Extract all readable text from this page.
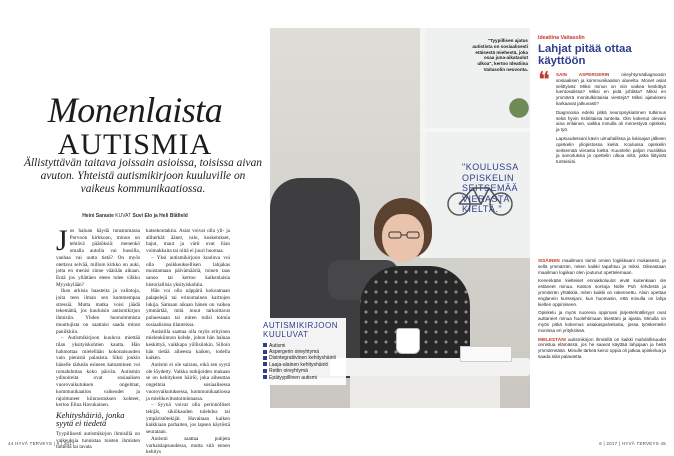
Monenlaista
AUTISMIA
Ällistyttävän taitava joissain asioissa, toisissa aivan avuton. Yhteistä autismikirjoon kuuluville on vaikeus kommunikaatiossa.
Heini Saraste KUVAT Suvi Elo ja Heli Blåfield

Jos haluan käydä tutustumassa Porvoon kirkkoon, minun on tehtävä päätöksiä: menenkö omalla autolla vai bussilla, vanhaa vai uutta tietä? On myös otettava selvää, milloin kirkko on auki, jotta en menisi sinne väärään aikaan. Entä jos yllättäen eteen tulee vilkku Myyskylään?

Ihan arkisia haasteita ja valintoja, joita teen ilman sen kummempaa stressiä. Mutta matka voisi jäädä tekemättä, jos kuuluisin autismikirjon ihmisiin. Yhden huonoimmista muuttujista on saattaisi saada minut paniikkiin.

– Autismikirjoon kuuluva miettää tilan yksityiskohtien kautta. Hän hahmottaa mielellään kokonaisuuden vain pienistä palasista. Siksi jonkin hänelle tärkeän esineen katoaminen voi romahduttaa koko päivän. Autismin ydinoireita ovat sosiaalisen vuorovaikutuksen ongelmat, kommunikaation vaikeudet ja rajoittuneet kiinnostuksen kohteet, kertoo Elina Havukainen.

Kehityshäiriö, jonka syytä ei tiedetä

Tyypillisesti autismikirjon ihmisillä on vaikeuksia tunnistaa toisten ihmisten tunteita tai tavata

katsekontaktia. Asiat voivat olla yli- ja aliherkät: äänet, valo, kosketukset, hajut, maut ja värit ovat liian voimakkaita tai niitä ei juuri huomaa.

– Yksi autismikirjoon kuuluva voi olla poikkeuksellisen lahjakas muistamaan päivämääriä, toinen taas sanoo tai kertoo kaikenlaisia historiallisia yksityiskohtia.

Hän voi olla näppärä kokoamaan palapelejä tai erinomainen karttojen lukija. Samaan aikaan hänen on vaikea ymmärtää, mitä muut tarkoittavat puhuessaan tai miten tulisi toimia sosiaalisissa tilanteissa.

Autistilla saattaa olla myös erityinen mielenkiinnon kohde, johon hän haluaa keskittyä, vaikkapa yöllisiinkin. Silloin hän tietää aiheesta kaiken, todella kaiken.

Autismi ei ole sairaus, eikä sen syytä ole löydetty. Vaikka tutkijoiden mukaan se on kehityksen häiriö, joka aiheuttaa ongelmia sosiaalisessa vuorovaikutuksessa, kommunikaatiossa ja mielikuvitustoiminnassa.

– Syynä voivat olla perinnölliset tekijät, sikiökauden tulehdus tai ympäristötekijät. Havaitaan kaiken kaikkiaan parhaiten, jos lapsen käytöstä seurataan.

Autismi saattaa puhjeta varhaislapsuudessa, mutta sitä ennen kehitys

44 HYVÄ TERVEYS | 6 | 2017
"Tyypillisen ajatus autistista on sosiaalisesti etäisestä miehestä, joka osaa juna-aikataulut ulkoa", kertoo Ideatiina Vaitasolin neuvonta.
"KOULUSSA OPISKELIN SEITSEMÄÄ VIERASTA KIELTÄ."
AUTISMIKIRJOON KUULUVAT
Autismi
Aspergerin oireyhtymä
Disintegratiivinen kehityshäiriö
Laaja-alainen kehityshäiriö
Rettin oireyhtymä
Epätyypillinen autismi
Ideatiina Vaitasolin
Lahjat pitää ottaa käyttöön
❝ SAIN ASPERGERIN	oireyhtymädiagnoosin sosiaalisen ja kommunikaation alueelta. Monet asiat selittyivät: Miksi minun on niin vaikea keskittyä luentosalissa? Miksi en pidä juhlista? Miksi en ymmärrä monitulkintaisia viestejä? Miksi ajatukseni karkaavat jatkuvasti?

Diagnoosia edelsi pitkä neuropsykiatrinen tutkimus sekä hyvin ristiriitaisia tunteita. Olin kokenut olevani aina erilainen, vaikka minulla oli menestyvä opiskelu ja työ.

Lapsuudessani kävin uimahallissa ja lukioajan jälkeen opiskelin yliopistossa kieliä. Koulussa opiskelin seitsemää vierasta kieltä. Kuuntelin paljon musiikkia ja sanoituksia ja opettelin ulkoa niitä, jotka liittyivät tunteisiini.

SISÄINEN maailmani toimii omien logiikkaani mukaisesti, ja sellä ymmärrän, miten kaikki tapahtuu ja miksi. Oikeastaan maailman logiikan olen joutunut opettelemaan.

Kenenkään kielteiset ennakkoluulot eivät kuitenkaan ole estäneet minua. Katson sorsoja Nolle Puh -lehdestä ja ymmärrän yhtäkkiä, miten kaikki on rakennettu. Aloin opettaa englannin kurssejani, kun huomasin, että minulla on lahja kielten oppimiseen.

Opiskelu ja myös nuorena oppimani järjestelmällisyys ovat auttaneet minua huolehtimaan itsestäni ja ajasta. Minulla on myös pitkä kokemus asiakaspalvelusta, jossa työskentelin monissa eri yrityksissä.

MIELESTÄNI autismikirjon ihmisillä on kaikki mahdollisuudet onnistua elämässä, jos he saavat käyttää lahjojaan ja heitä ymmärretään. Minulle tärkeä keino oppia oli jatkaa opiskelua ja saada siitä palautetta.

6 | 2017 | HYVÄ TERVEYS 45
